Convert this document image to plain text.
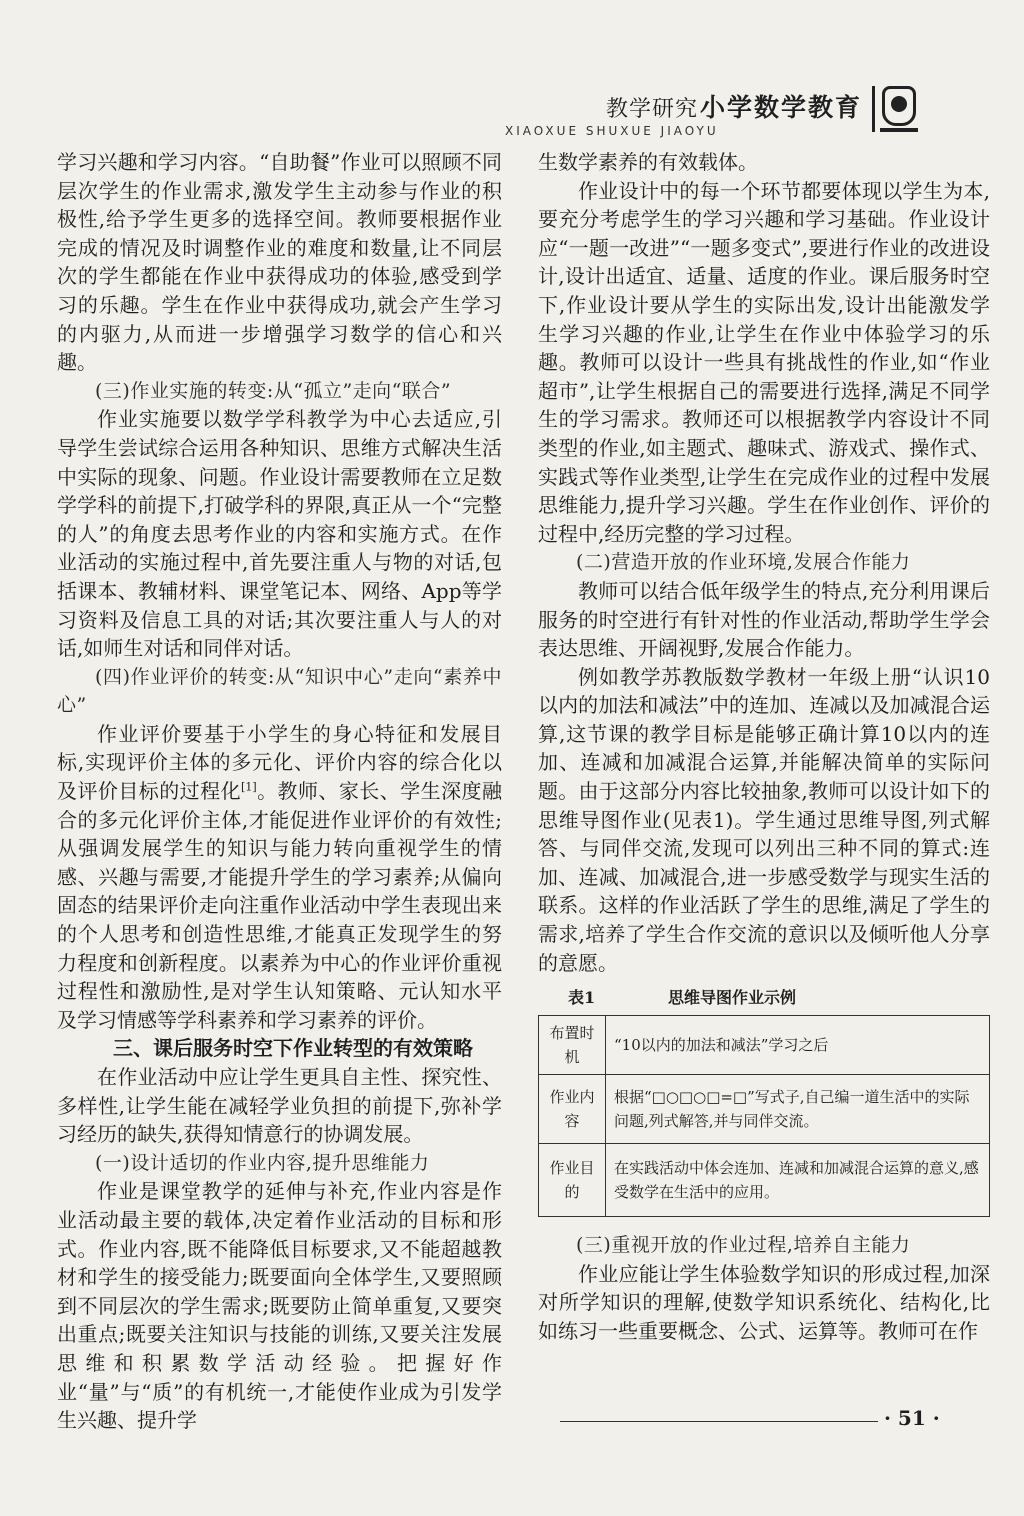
教学研究 小学数学教育
XIAOXUE SHUXUE JIAOYU

学习兴趣和学习内容。“自助餐”作业可以照顾不同层次学生的作业需求,激发学生主动参与作业的积极性,给予学生更多的选择空间。教师要根据作业完成的情况及时调整作业的难度和数量,让不同层次的学生都能在作业中获得成功的体验,感受到学习的乐趣。学生在作业中获得成功,就会产生学习的内驱力,从而进一步增强学习数学的信心和兴趣。

(三)作业实施的转变:从“孤立”走向“联合”

作业实施要以数学学科教学为中心去适应,引导学生尝试综合运用各种知识、思维方式解决生活中实际的现象、问题。作业设计需要教师在立足数学学科的前提下,打破学科的界限,真正从一个“完整的人”的角度去思考作业的内容和实施方式。在作业活动的实施过程中,首先要注重人与物的对话,包括课本、教辅材料、课堂笔记本、网络、App等学习资料及信息工具的对话;其次要注重人与人的对话,如师生对话和同伴对话。

(四)作业评价的转变:从“知识中心”走向“素养中心”

作业评价要基于小学生的身心特征和发展目标,实现评价主体的多元化、评价内容的综合化以及评价目标的过程化[1]。教师、家长、学生深度融合的多元化评价主体,才能促进作业评价的有效性;从强调发展学生的知识与能力转向重视学生的情感、兴趣与需要,才能提升学生的学习素养;从偏向固态的结果评价走向注重作业活动中学生表现出来的个人思考和创造性思维,才能真正发现学生的努力程度和创新程度。以素养为中心的作业评价重视过程性和激励性,是对学生认知策略、元认知水平及学习情感等学科素养和学习素养的评价。

三、课后服务时空下作业转型的有效策略

在作业活动中应让学生更具自主性、探究性、多样性,让学生能在减轻学业负担的前提下,弥补学习经历的缺失,获得知情意行的协调发展。

(一)设计适切的作业内容,提升思维能力

作业是课堂教学的延伸与补充,作业内容是作业活动最主要的载体,决定着作业活动的目标和形式。作业内容,既不能降低目标要求,又不能超越教材和学生的接受能力;既要面向全体学生,又要照顾到不同层次的学生需求;既要防止简单重复,又要突出重点;既要关注知识与技能的训练,又要关注发展思维和积累数学活动经验。把握好作业“量”与“质”的有机统一,才能使作业成为引发学生兴趣、提升学

生数学素养的有效载体。

作业设计中的每一个环节都要体现以学生为本,要充分考虑学生的学习兴趣和学习基础。作业设计应“一题一改进”“一题多变式”,要进行作业的改进设计,设计出适宜、适量、适度的作业。课后服务时空下,作业设计要从学生的实际出发,设计出能激发学生学习兴趣的作业,让学生在作业中体验学习的乐趣。教师可以设计一些具有挑战性的作业,如“作业超市”,让学生根据自己的需要进行选择,满足不同学生的学习需求。教师还可以根据教学内容设计不同类型的作业,如主题式、趣味式、游戏式、操作式、实践式等作业类型,让学生在完成作业的过程中发展思维能力,提升学习兴趣。学生在作业创作、评价的过程中,经历完整的学习过程。

(二)营造开放的作业环境,发展合作能力

教师可以结合低年级学生的特点,充分利用课后服务的时空进行有针对性的作业活动,帮助学生学会表达思维、开阔视野,发展合作能力。

例如教学苏教版数学教材一年级上册“认识10以内的加法和减法”中的连加、连减以及加减混合运算,这节课的教学目标是能够正确计算10以内的连加、连减和加减混合运算,并能解决简单的实际问题。由于这部分内容比较抽象,教师可以设计如下的思维导图作业(见表1)。学生通过思维导图,列式解答、与同伴交流,发现可以列出三种不同的算式:连加、连减、加减混合,进一步感受数学与现实生活的联系。这样的作业活跃了学生的思维,满足了学生的需求,培养了学生合作交流的意识以及倾听他人分享的意愿。

表1	思维导图作业示例
布置时机	“10以内的加法和减法”学习之后
作业内容	根据“□○□○□=□”写式子,自己编一道生活中的实际问题,列式解答,并与同伴交流。
作业目的	在实践活动中体会连加、连减和加减混合运算的意义,感受数学在生活中的应用。
(三)重视开放的作业过程,培养自主能力

作业应能让学生体验数学知识的形成过程,加深对所学知识的理解,使数学知识系统化、结构化,比如练习一些重要概念、公式、运算等。教师可在作

· 51 ·
